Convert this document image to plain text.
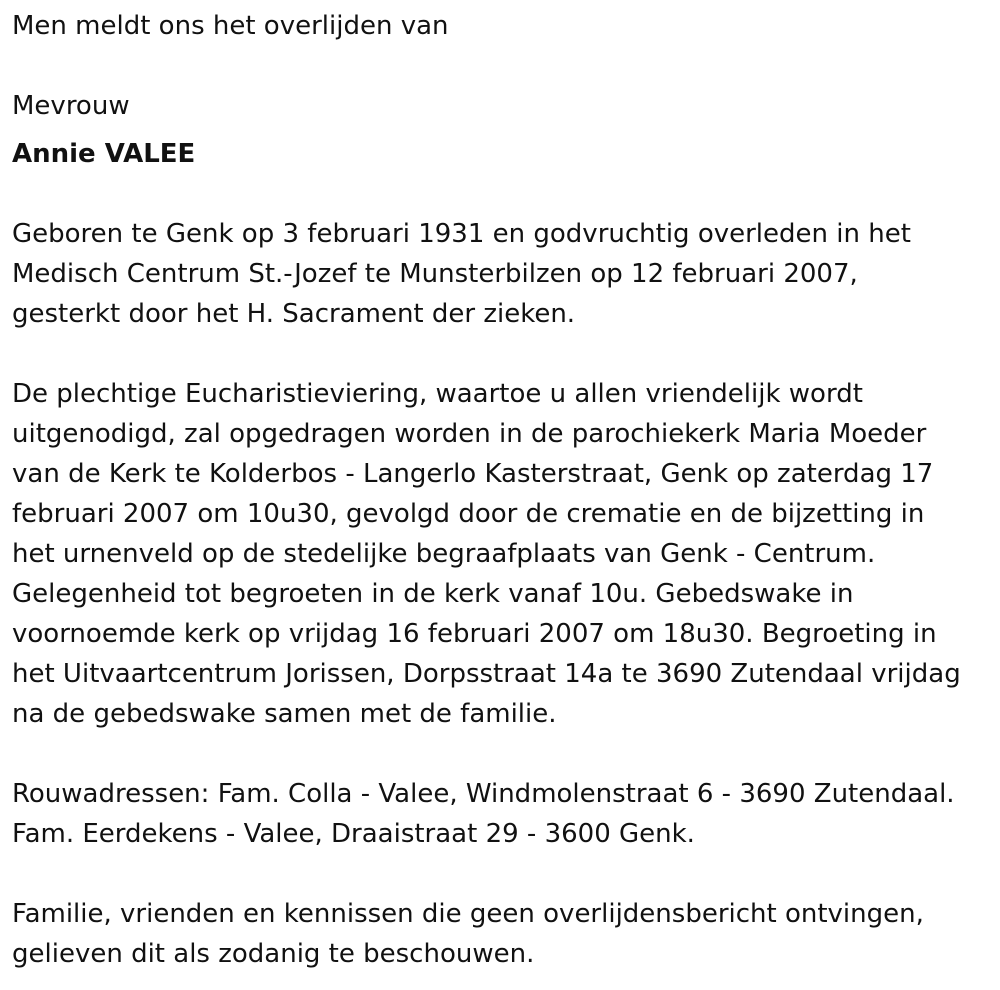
Men meldt ons het overlijden van

Mevrouw

Annie VALEE

Geboren te Genk op 3 februari 1931 en godvruchtig overleden in het
Medisch Centrum St.-Jozef te Munsterbilzen op 12 februari 2007,
gesterkt door het H. Sacrament der zieken.

De plechtige Eucharistieviering, waartoe u allen vriendelijk wordt
uitgenodigd, zal opgedragen worden in de parochiekerk Maria Moeder
van de Kerk te Kolderbos - Langerlo Kasterstraat, Genk op zaterdag 17
februari 2007 om 10u30, gevolgd door de crematie en de bijzetting in
het urnenveld op de stedelijke begraafplaats van Genk - Centrum.
Gelegenheid tot begroeten in de kerk vanaf 10u. Gebedswake in
voornoemde kerk op vrijdag 16 februari 2007 om 18u30. Begroeting in
het Uitvaartcentrum Jorissen, Dorpsstraat 14a te 3690 Zutendaal vrijdag
na de gebedswake samen met de familie.

Rouwadressen: Fam. Colla - Valee, Windmolenstraat 6 - 3690 Zutendaal.
Fam. Eerdekens - Valee, Draaistraat 29 - 3600 Genk.

Familie, vrienden en kennissen die geen overlijdensbericht ontvingen,
gelieven dit als zodanig te beschouwen.
